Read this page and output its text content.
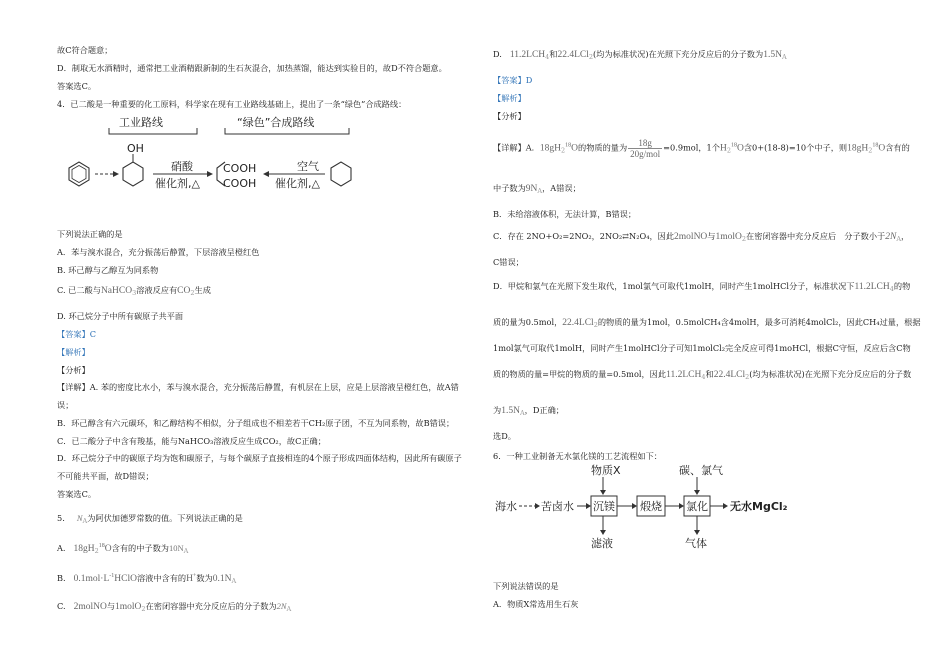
故C符合题意；
D．制取无水酒精时，通常把工业酒精跟新制的生石灰混合，加热蒸馏，能达到实验目的，故D不符合题意。
答案选C。
4．已二酸是一种重要的化工原料，科学家在现有工业路线基础上，提出了一条“绿色”合成路线：
工业路线	“绿色”合成路线
OH
硝酸
催化剂,△
COOH
COOH
空气
催化剂,△
下列说法正确的是
A．苯与溴水混合，充分振荡后静置，下层溶液呈橙红色
B. 环己醇与乙醇互为同系物
C. 已二酸与NaHCO$_3$溶液反应有$CO_2$生成
D. 环己烷分子中所有碳原子共平面
【答案】C
【解析】
【分析】
【详解】A. 苯的密度比水小，苯与溴水混合，充分振荡后静置，有机层在上层，应是上层溶液呈橙红色，故A错
误；
B．环己醇含有六元碳环，和乙醇结构不相似，分子组成也不相差若干CH₂原子团，不互为同系物，故B错误；
C．已二酸分子中含有羧基，能与NaHCO₃溶液反应生成CO₂，故C正确；
D．环己烷分子中的碳原子均为饱和碳原子，与每个碳原子直接相连的4个原子形成四面体结构，因此所有碳原子
不可能共平面，故D错误；
答案选C。
5. $N_A$为阿伏加德罗常数的值。下列说法正确的是
A. $18gH_2^{18}O$含有的中子数为$10N_A$
B. $0.1mol\cdot L^{-1}HClO$溶液中含有的H+数为$0.1N_A$
C. 2molNO与1molO$_2$在密闭容器中充分反应后的分子数为$2N_A$
D. $11.2LCH_4$和22.4LCl$_2$(均为标准状况)在光照下充分反应后的分子数为$1.5N_A$
【答案】D
【解析】
【分析】
【详解】A．$18gH_2^{18}O$的物质的量为 $\frac{18g}{\text{20g/mol}} =0.9mol$，1个$H_2^{18}O$含0+(18-8)=10个中子，则$18gH_2^{18}O$含有的
中子数为$9N_A$，A错误；
B．未给溶液体积，无法计算，B错误；
C．存在 2NO+O₂=2NO₂，2NO₂⇄N₂O₄，因此2molNO与1molO$_2$在密闭容器中充分反应后　分子数小于$2N_A$，
C错误；
D．甲烷和氯气在光照下发生取代，1mol氯气可取代1molH，同时产生1molHCl分子，标准状况下$11.2LCH_4$的物
质的量为0.5mol，22.4LCl$_2$的物质的量为1mol，0.5molCH₄含4molH，最多可消耗4molCl₂，因此CH₄过量，根据
1mol氯气可取代1molH，同时产生1molHCl分子可知1molCl₂完全反应可得1moHCl，根据C守恒，反应后含C物
质的物质的量=甲烷的物质的量=0.5mol，因此$11.2LCH_4$和22.4LCl$_2$(均为标准状况)在光照下充分反应后的分子数
为$1.5N_A$，D正确；
选D。
6．一种工业制备无水氯化镁的工艺流程如下：
物质X	碳、氯气
海水 苦卤水 沉镁 煅烧 氯化 无水MgCl₂
滤液	气体
下列说法错误的是
A．物质X常选用生石灰
